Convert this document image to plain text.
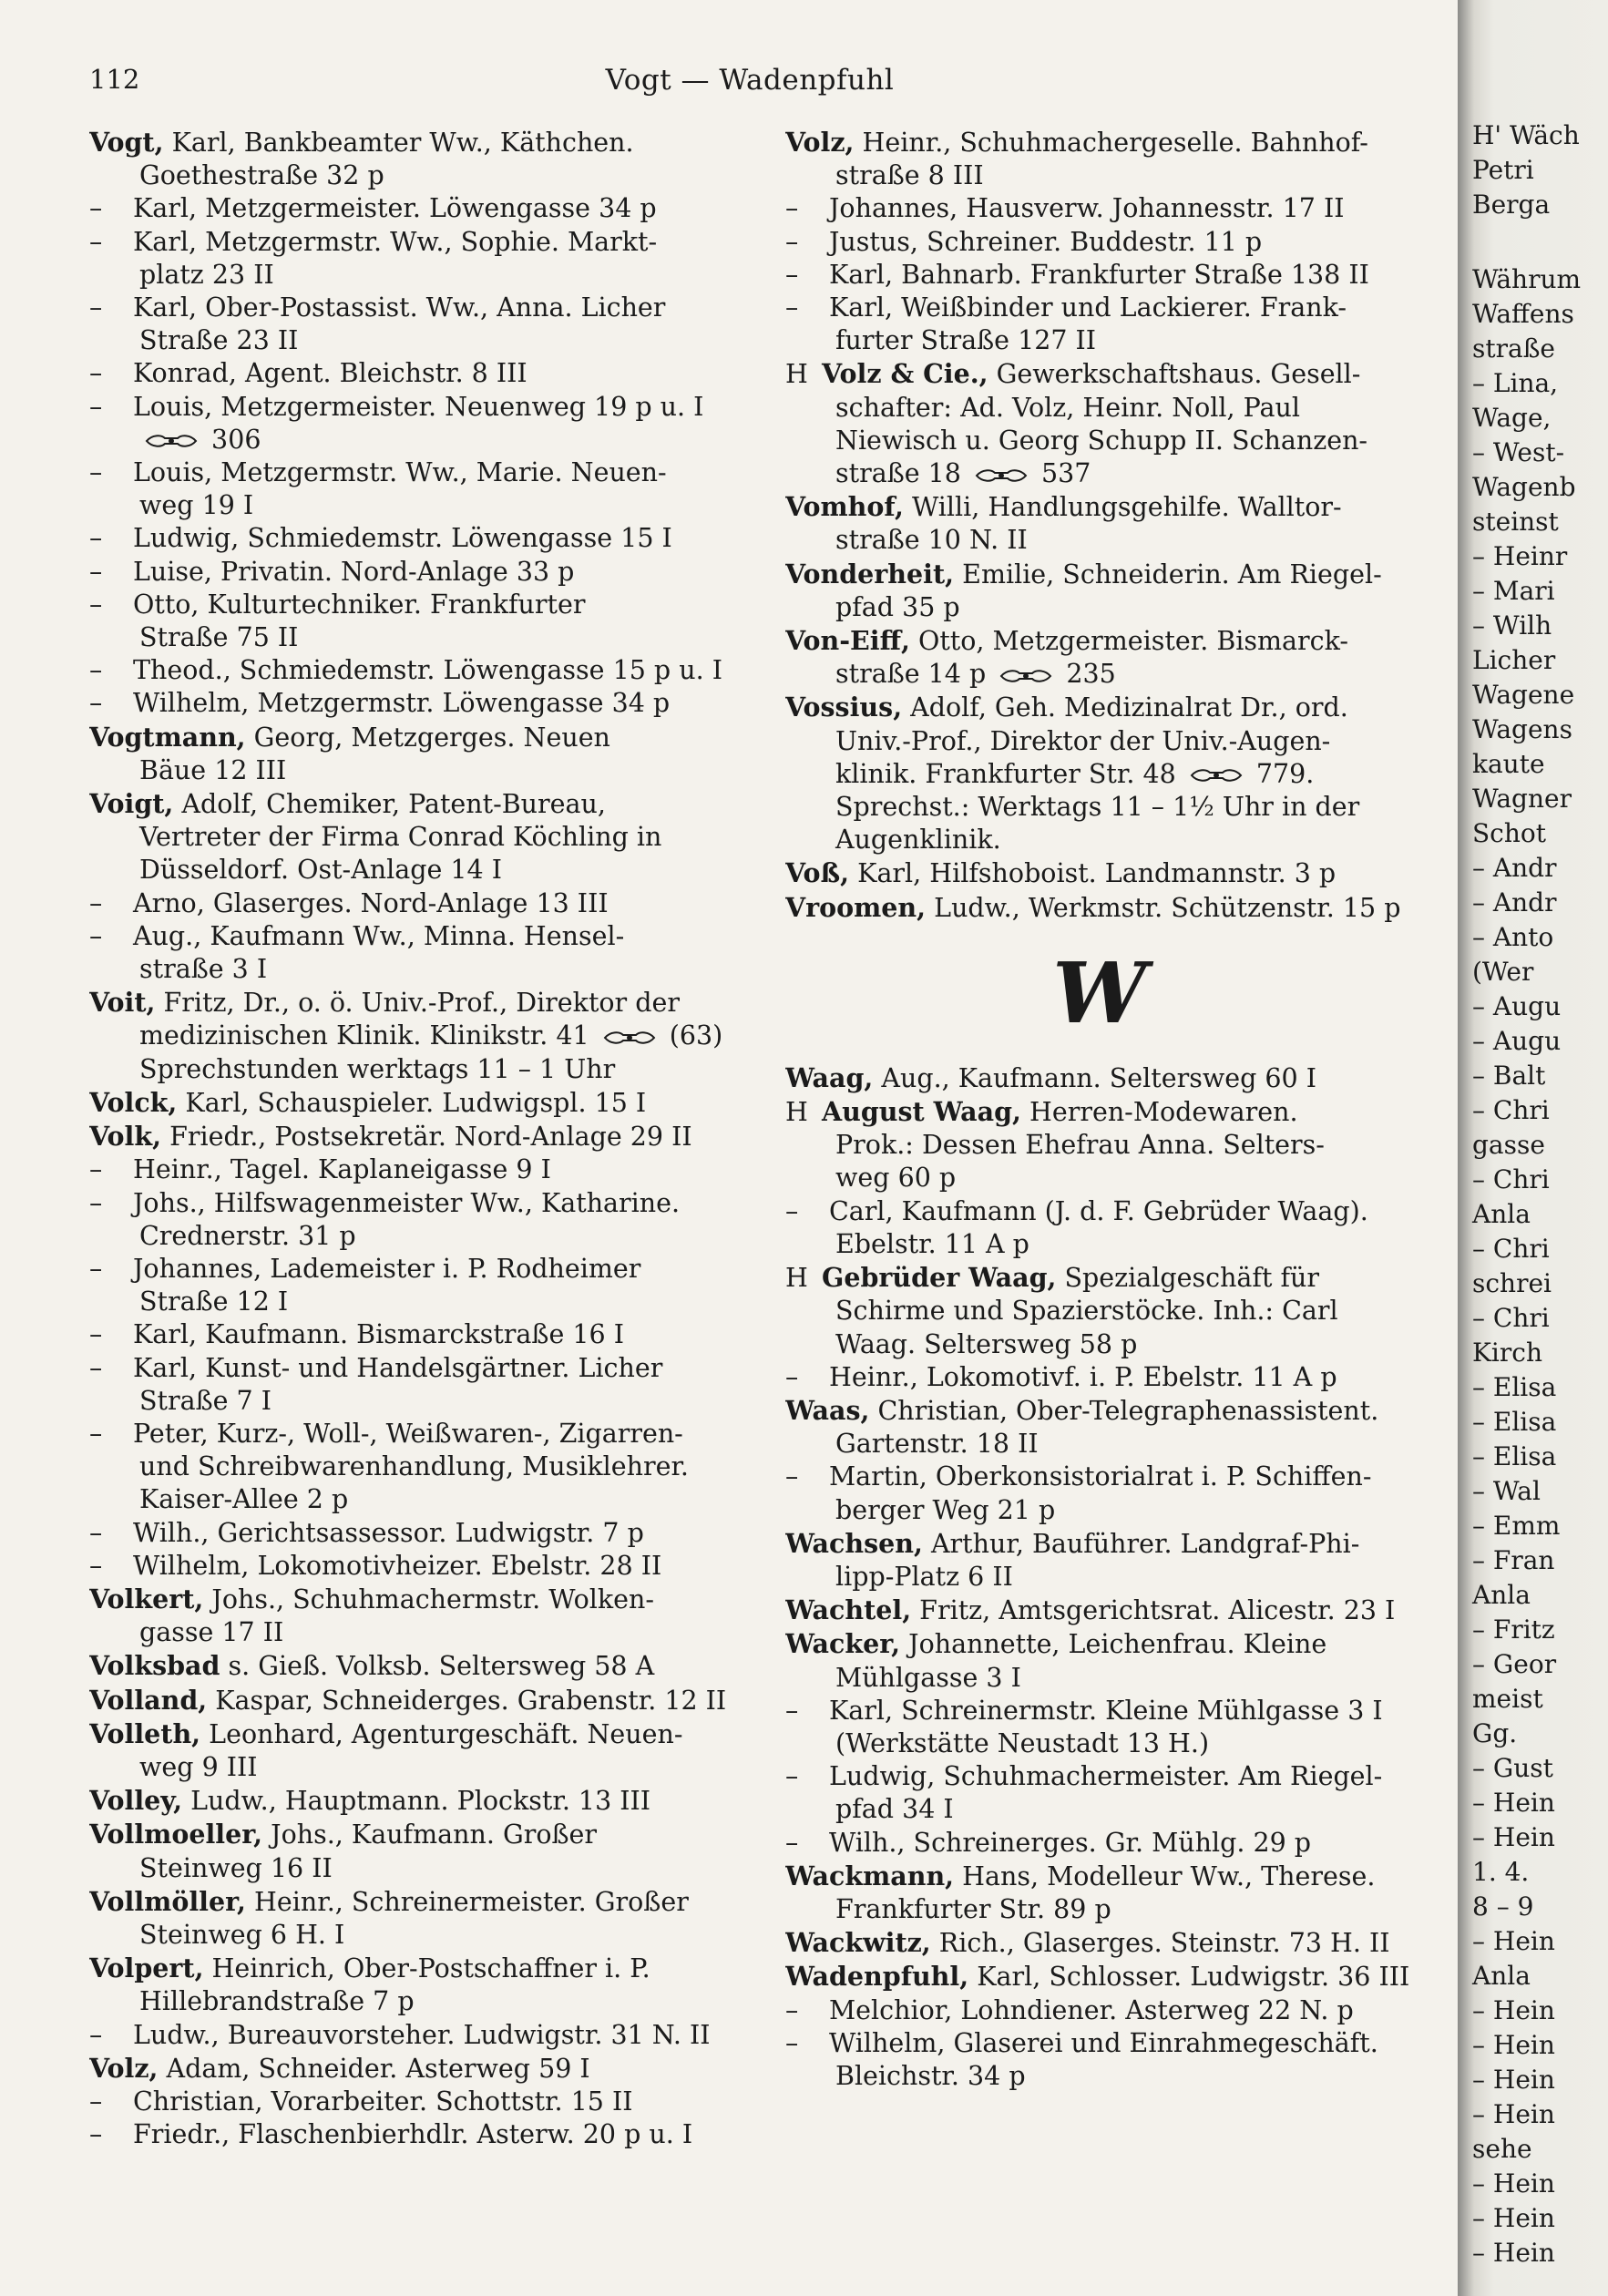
112	Vogt — Wadenpfuhl
Vogt, Karl, Bankbeamter Ww., Käthchen.
Goethestraße 32 p
– Karl, Metzgermeister. Löwengasse 34 p
– Karl, Metzgermstr. Ww., Sophie. Markt-
platz 23 II
– Karl, Ober-Postassist. Ww., Anna. Licher
Straße 23 II
– Konrad, Agent. Bleichstr. 8 III
– Louis, Metzgermeister. Neuenweg 19 p u. I
306
– Louis, Metzgermstr. Ww., Marie. Neuen-
weg 19 I
– Ludwig, Schmiedemstr. Löwengasse 15 I
– Luise, Privatin. Nord-Anlage 33 p
– Otto, Kulturtechniker. Frankfurter
Straße 75 II
– Theod., Schmiedemstr. Löwengasse 15 p u. I
– Wilhelm, Metzgermstr. Löwengasse 34 p
Vogtmann, Georg, Metzgerges. Neuen
Bäue 12 III
Voigt, Adolf, Chemiker, Patent-Bureau,
Vertreter der Firma Conrad Köchling in
Düsseldorf. Ost-Anlage 14 I
– Arno, Glaserges. Nord-Anlage 13 III
– Aug., Kaufmann Ww., Minna. Hensel-
straße 3 I
Voit, Fritz, Dr., o. ö. Univ.-Prof., Direktor der
medizinischen Klinik. Klinikstr. 41  (63)
Sprechstunden werktags 11 – 1 Uhr
Volck, Karl, Schauspieler. Ludwigspl. 15 I
Volk, Friedr., Postsekretär. Nord-Anlage 29 II
– Heinr., Tagel. Kaplaneigasse 9 I
– Johs., Hilfswagenmeister Ww., Katharine.
Crednerstr. 31 p
– Johannes, Lademeister i. P. Rodheimer
Straße 12 I
– Karl, Kaufmann. Bismarckstraße 16 I
– Karl, Kunst- und Handelsgärtner. Licher
Straße 7 I
– Peter, Kurz-, Woll-, Weißwaren-, Zigarren-
und Schreibwarenhandlung, Musiklehrer.
Kaiser-Allee 2 p
– Wilh., Gerichtsassessor. Ludwigstr. 7 p
– Wilhelm, Lokomotivheizer. Ebelstr. 28 II
Volkert, Johs., Schuhmachermstr. Wolken-
gasse 17 II
Volksbad s. Gieß. Volksb. Seltersweg 58 A
Volland, Kaspar, Schneiderges. Grabenstr. 12 II
Volleth, Leonhard, Agenturgeschäft. Neuen-
weg 9 III
Volley, Ludw., Hauptmann. Plockstr. 13 III
Vollmoeller, Johs., Kaufmann. Großer
Steinweg 16 II
Vollmöller, Heinr., Schreinermeister. Großer
Steinweg 6 H. I
Volpert, Heinrich, Ober-Postschaffner i. P.
Hillebrandstraße 7 p
– Ludw., Bureauvorsteher. Ludwigstr. 31 N. II
Volz, Adam, Schneider. Asterweg 59 I
– Christian, Vorarbeiter. Schottstr. 15 II
– Friedr., Flaschenbierhdlr. Asterw. 20 p u. I
Volz, Heinr., Schuhmachergeselle. Bahnhof-
straße 8 III
– Johannes, Hausverw. Johannesstr. 17 II
– Justus, Schreiner. Buddestr. 11 p
– Karl, Bahnarb. Frankfurter Straße 138 II
– Karl, Weißbinder und Lackierer. Frank-
furter Straße 127 II
H Volz & Cie., Gewerkschaftshaus. Gesell-
schafter: Ad. Volz, Heinr. Noll, Paul
Niewisch u. Georg Schupp II. Schanzen-
straße 18  537
Vomhof, Willi, Handlungsgehilfe. Walltor-
straße 10 N. II
Vonderheit, Emilie, Schneiderin. Am Riegel-
pfad 35 p
Von-Eiff, Otto, Metzgermeister. Bismarck-
straße 14 p  235
Vossius, Adolf, Geh. Medizinalrat Dr., ord.
Univ.-Prof., Direktor der Univ.-Augen-
klinik. Frankfurter Str. 48  779.
Sprechst.: Werktags 11 – 1½ Uhr in der
Augenklinik.
Voß, Karl, Hilfshoboist. Landmannstr. 3 p
Vroomen, Ludw., Werkmstr. Schützenstr. 15 p
W
Waag, Aug., Kaufmann. Seltersweg 60 I
H August Waag, Herren-Modewaren.
Prok.: Dessen Ehefrau Anna. Selters-
weg 60 p
– Carl, Kaufmann (J. d. F. Gebrüder Waag).
Ebelstr. 11 A p
H Gebrüder Waag, Spezialgeschäft für
Schirme und Spazierstöcke. Inh.: Carl
Waag. Seltersweg 58 p
– Heinr., Lokomotivf. i. P. Ebelstr. 11 A p
Waas, Christian, Ober-Telegraphenassistent.
Gartenstr. 18 II
– Martin, Oberkonsistorialrat i. P. Schiffen-
berger Weg 21 p
Wachsen, Arthur, Bauführer. Landgraf-Phi-
lipp-Platz 6 II
Wachtel, Fritz, Amtsgerichtsrat. Alicestr. 23 I
Wacker, Johannette, Leichenfrau. Kleine
Mühlgasse 3 I
– Karl, Schreinermstr. Kleine Mühlgasse 3 I
(Werkstätte Neustadt 13 H.)
– Ludwig, Schuhmachermeister. Am Riegel-
pfad 34 I
– Wilh., Schreinerges. Gr. Mühlg. 29 p
Wackmann, Hans, Modelleur Ww., Therese.
Frankfurter Str. 89 p
Wackwitz, Rich., Glaserges. Steinstr. 73 H. II
Wadenpfuhl, Karl, Schlosser. Ludwigstr. 36 III
– Melchior, Lohndiener. Asterweg 22 N. p
– Wilhelm, Glaserei und Einrahmegeschäft.
Bleichstr. 34 p
H' Wäch
Petri
Berga
Währum
Waffens
straße
– Lina,
Wage,
– West-
Wagenb
steinst
– Heinr
– Mari
– Wilh
Licher
Wagene
Wagens
kaute
Wagner
Schot
– Andr
– Andr
– Anto
(Wer
– Augu
– Augu
– Balt
– Chri
gasse
– Chri
Anla
– Chri
schrei
– Chri
Kirch
– Elisa
– Elisa
– Elisa
– Wal
– Emm
– Fran
Anla
– Fritz
– Geor
meist
Gg.
– Gust
– Hein
– Hein
1. 4.
8 – 9
– Hein
Anla
– Hein
– Hein
– Hein
– Hein
sehe
– Hein
– Hein
– Hein
